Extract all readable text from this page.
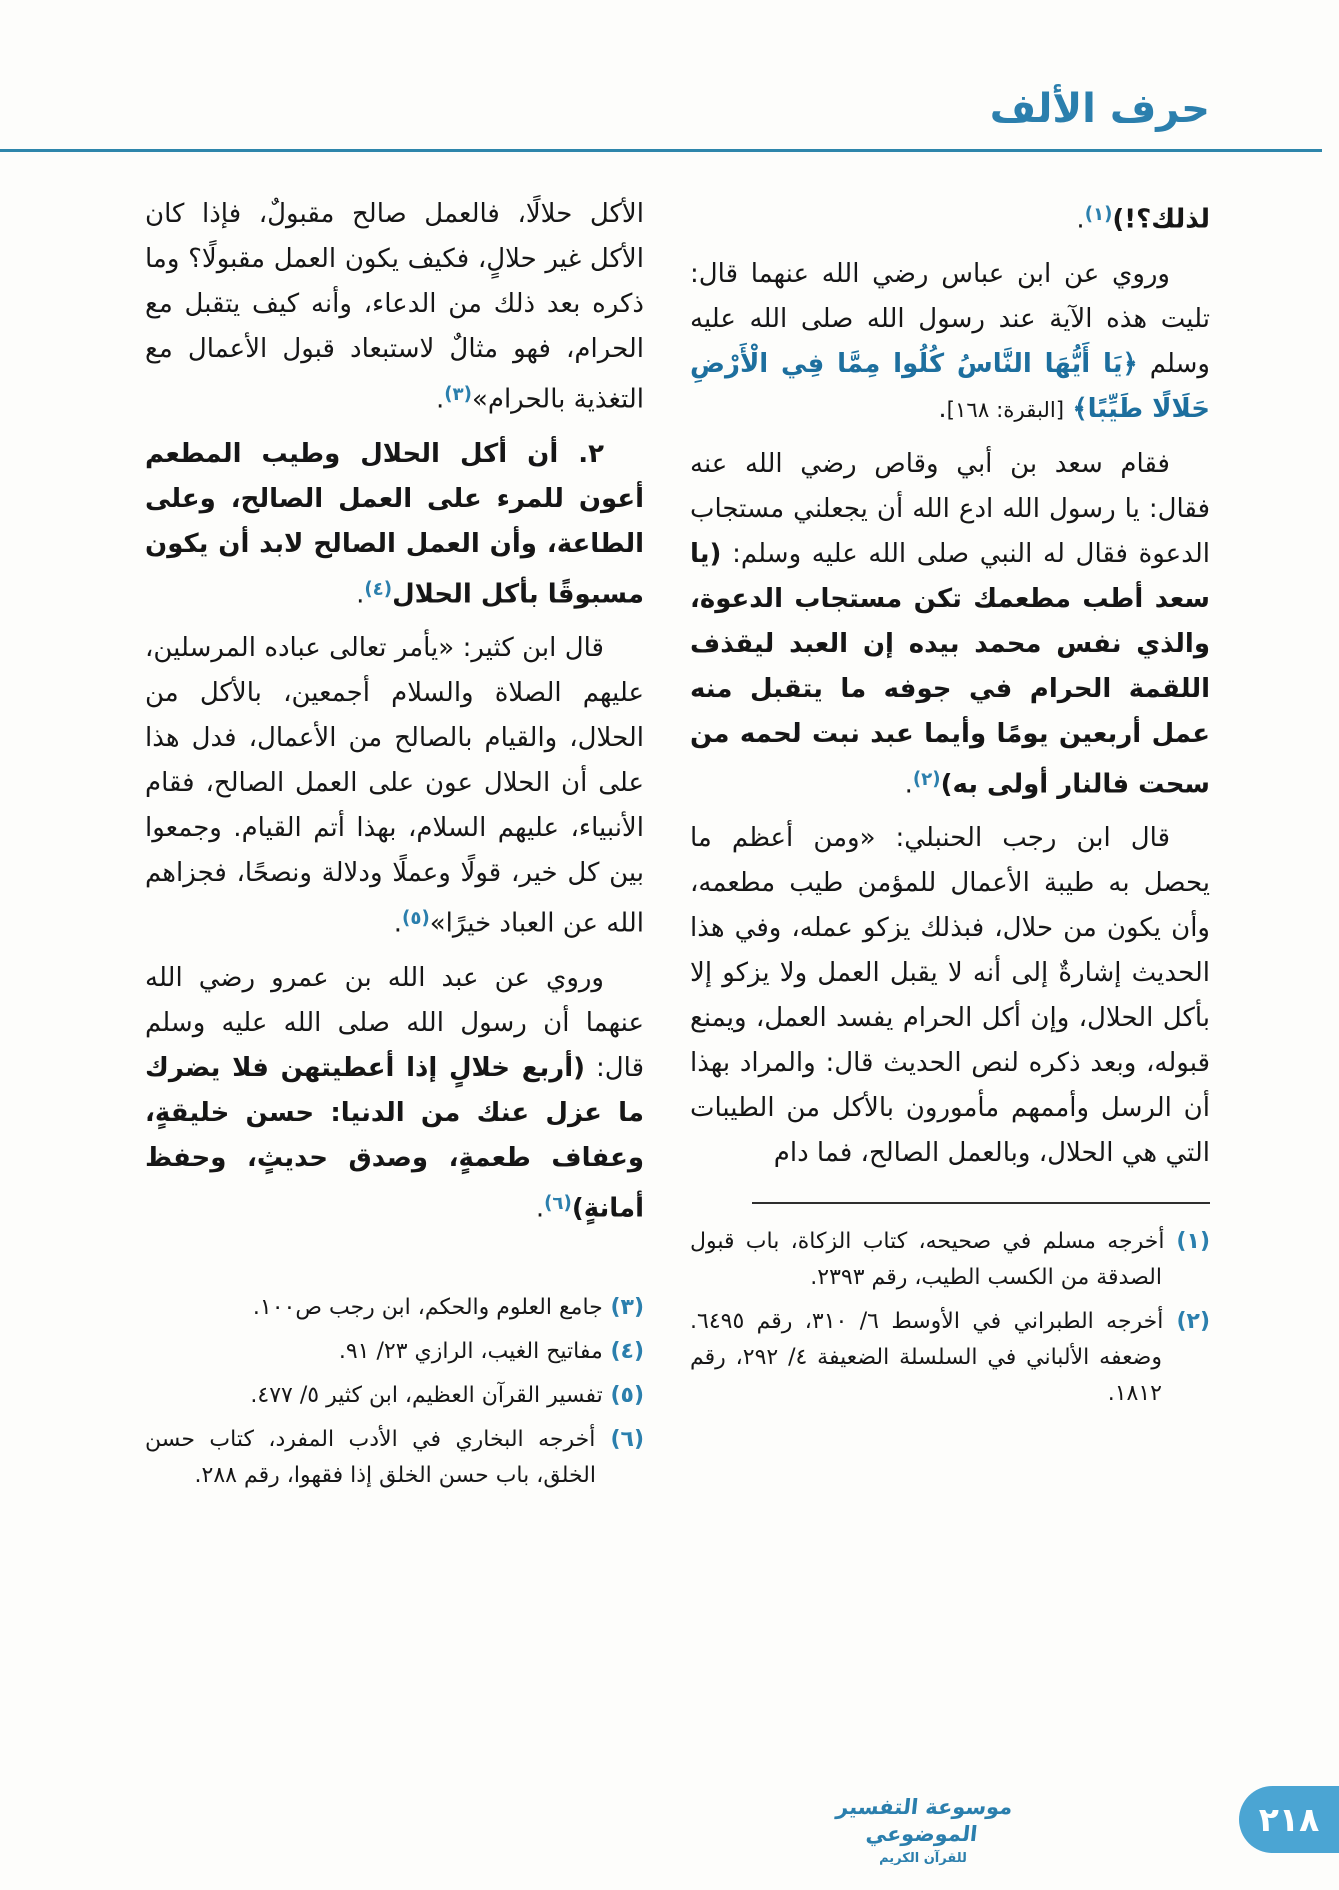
حرف الألف

لذلك؟!)$^{(١)}$.

وروي عن ابن عباس رضي الله عنهما قال: تليت هذه الآية عند رسول الله صلى الله عليه وسلم ﴿يَا أَيُّهَا النَّاسُ كُلُوا مِمَّا فِي الْأَرْضِ حَلَالًا طَيِّبًا﴾ [البقرة: ١٦٨].

فقام سعد بن أبي وقاص رضي الله عنه فقال: يا رسول الله ادع الله أن يجعلني مستجاب الدعوة فقال له النبي صلى الله عليه وسلم: (يا سعد أطب مطعمك تكن مستجاب الدعوة، والذي نفس محمد بيده إن العبد ليقذف اللقمة الحرام في جوفه ما يتقبل منه عمل أربعين يومًا وأيما عبد نبت لحمه من سحت فالنار أولى به)$^{(٢)}$.

قال ابن رجب الحنبلي: «ومن أعظم ما يحصل به طيبة الأعمال للمؤمن طيب مطعمه، وأن يكون من حلال، فبذلك يزكو عمله، وفي هذا الحديث إشارةٌ إلى أنه لا يقبل العمل ولا يزكو إلا بأكل الحلال، وإن أكل الحرام يفسد العمل، ويمنع قبوله، وبعد ذكره لنص الحديث قال: والمراد بهذا أن الرسل وأممهم مأمورون بالأكل من الطيبات التي هي الحلال، وبالعمل الصالح، فما دام

(١) أخرجه مسلم في صحيحه، كتاب الزكاة، باب قبول الصدقة من الكسب الطيب، رقم ٢٣٩٣.

(٢) أخرجه الطبراني في الأوسط ٦/ ٣١٠، رقم ٦٤٩٥. وضعفه الألباني في السلسلة الضعيفة ٤/ ٢٩٢، رقم ١٨١٢.

الأكل حلالًا، فالعمل صالح مقبولٌ، فإذا كان الأكل غير حلالٍ، فكيف يكون العمل مقبولًا؟ وما ذكره بعد ذلك من الدعاء، وأنه كيف يتقبل مع الحرام، فهو مثالٌ لاستبعاد قبول الأعمال مع التغذية بالحرام»$^{(٣)}$.

٢. أن أكل الحلال وطيب المطعم أعون للمرء على العمل الصالح، وعلى الطاعة، وأن العمل الصالح لابد أن يكون مسبوقًا بأكل الحلال$^{(٤)}$.

قال ابن كثير: «يأمر تعالى عباده المرسلين، عليهم الصلاة والسلام أجمعين، بالأكل من الحلال، والقيام بالصالح من الأعمال، فدل هذا على أن الحلال عون على العمل الصالح، فقام الأنبياء، عليهم السلام، بهذا أتم القيام. وجمعوا بين كل خير، قولًا وعملًا ودلالة ونصحًا، فجزاهم الله عن العباد خيرًا»$^{(٥)}$.

وروي عن عبد الله بن عمرو رضي الله عنهما أن رسول الله صلى الله عليه وسلم قال: (أربع خلالٍ إذا أعطيتهن فلا يضرك ما عزل عنك من الدنيا: حسن خليقةٍ، وعفاف طعمةٍ، وصدق حديثٍ، وحفظ أمانةٍ)$^{(٦)}$.

(٣) جامع العلوم والحكم، ابن رجب ص١٠٠.

(٤) مفاتيح الغيب، الرازي ٢٣/ ٩١.

(٥) تفسير القرآن العظيم، ابن كثير ٥/ ٤٧٧.

(٦) أخرجه البخاري في الأدب المفرد، كتاب حسن الخلق، باب حسن الخلق إذا فقهوا، رقم ٢٨٨.

موسوعة التفسير الموضوعي
للقرآن الكريم
٢١٨
